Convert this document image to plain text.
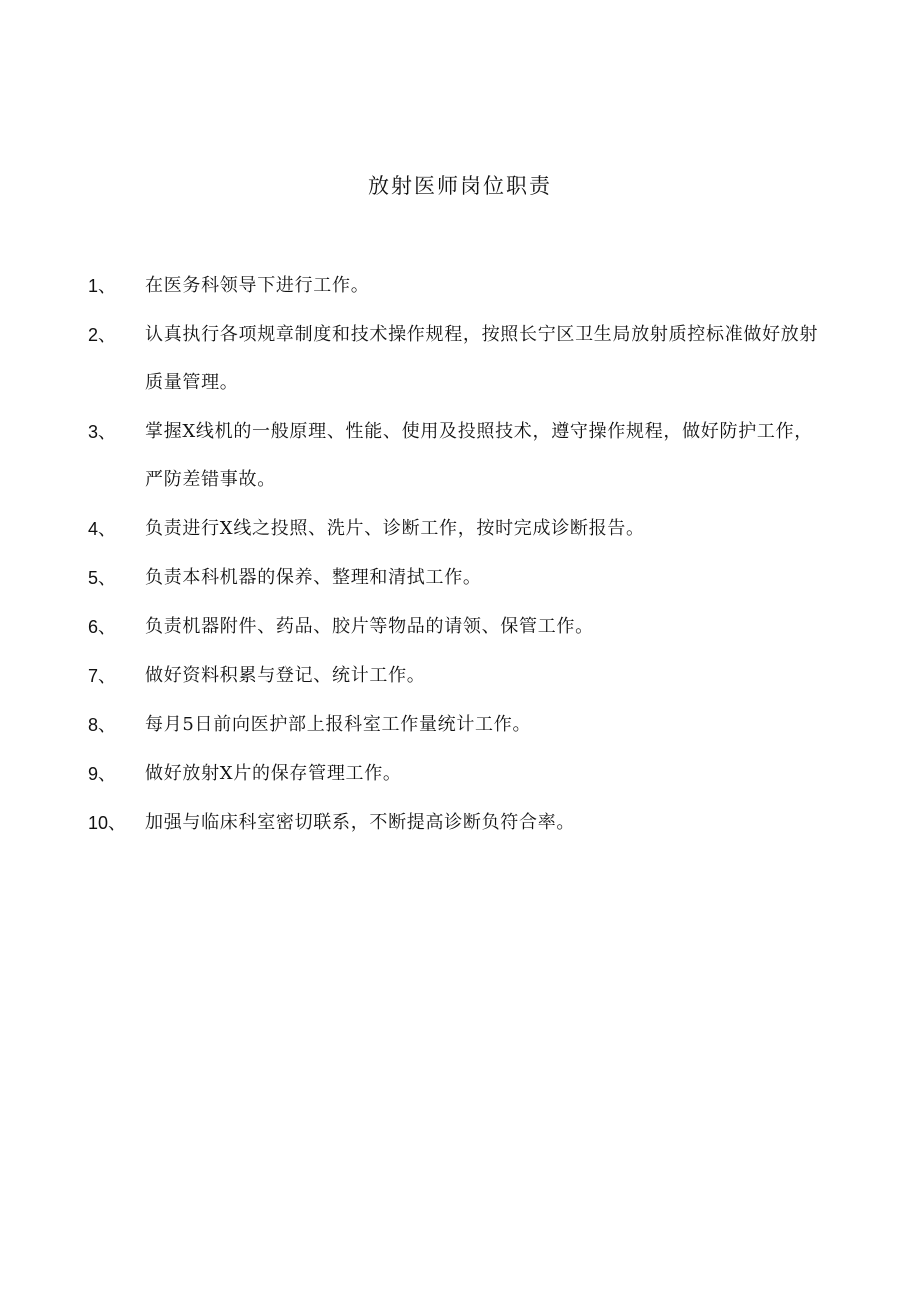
放射医师岗位职责
1、	在医务科领导下进行工作。
2、	认真执行各项规章制度和技术操作规程，按照长宁区卫生局放射质控标准做好放射质量管理。
3、	掌握X线机的一般原理、性能、使用及投照技术，遵守操作规程，做好防护工作，严防差错事故。
4、	负责进行X线之投照、洗片、诊断工作，按时完成诊断报告。
5、	负责本科机器的保养、整理和清拭工作。
6、	负责机器附件、药品、胶片等物品的请领、保管工作。
7、	做好资料积累与登记、统计工作。
8、	每月5日前向医护部上报科室工作量统计工作。
9、	做好放射X片的保存管理工作。
10、	加强与临床科室密切联系，不断提高诊断负符合率。
